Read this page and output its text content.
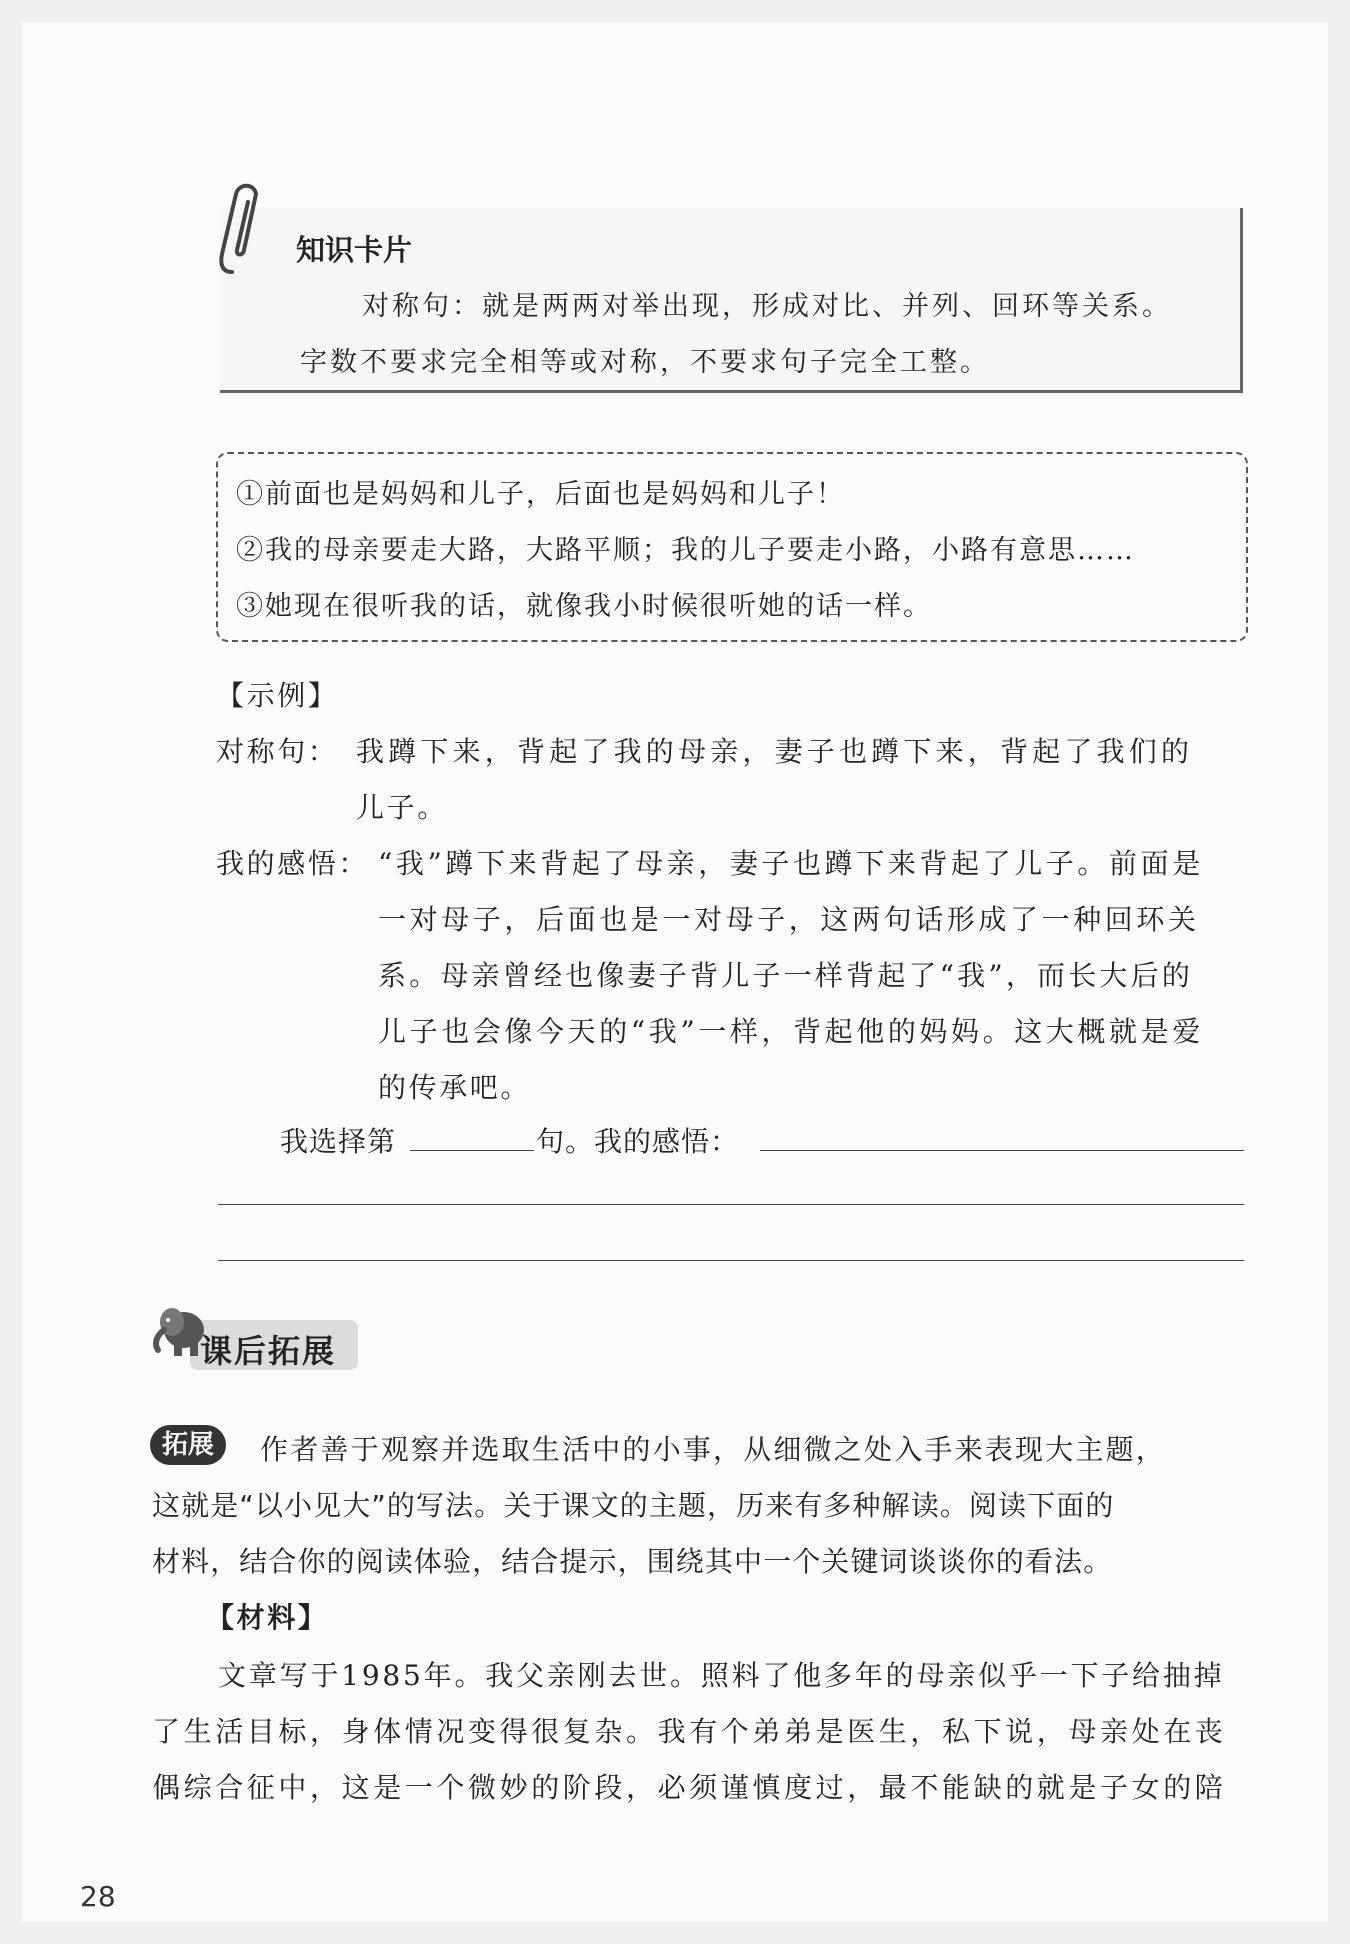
知识卡片
对称句：就是两两对举出现，形成对比、并列、回环等关系。
字数不要求完全相等或对称，不要求句子完全工整。
①前面也是妈妈和儿子，后面也是妈妈和儿子！
②我的母亲要走大路，大路平顺；我的儿子要走小路，小路有意思……
③她现在很听我的话，就像我小时候很听她的话一样。
【示例】
对称句： 我蹲下来，背起了我的母亲，妻子也蹲下来，背起了我们的
儿子。
我的感悟： “我”蹲下来背起了母亲，妻子也蹲下来背起了儿子。前面是
一对母子，后面也是一对母子，这两句话形成了一种回环关
系。母亲曾经也像妻子背儿子一样背起了“我”，而长大后的
儿子也会像今天的“我”一样，背起他的妈妈。这大概就是爱
的传承吧。
我选择第	句。我的感悟：
课后拓展
拓展	作者善于观察并选取生活中的小事，从细微之处入手来表现大主题，
这就是“以小见大”的写法。关于课文的主题，历来有多种解读。阅读下面的
材料，结合你的阅读体验，结合提示，围绕其中一个关键词谈谈你的看法。
【材料】
文章写于1985年。我父亲刚去世。照料了他多年的母亲似乎一下子给抽掉
了生活目标，身体情况变得很复杂。我有个弟弟是医生，私下说，母亲处在丧
偶综合征中，这是一个微妙的阶段，必须谨慎度过，最不能缺的就是子女的陪
28
